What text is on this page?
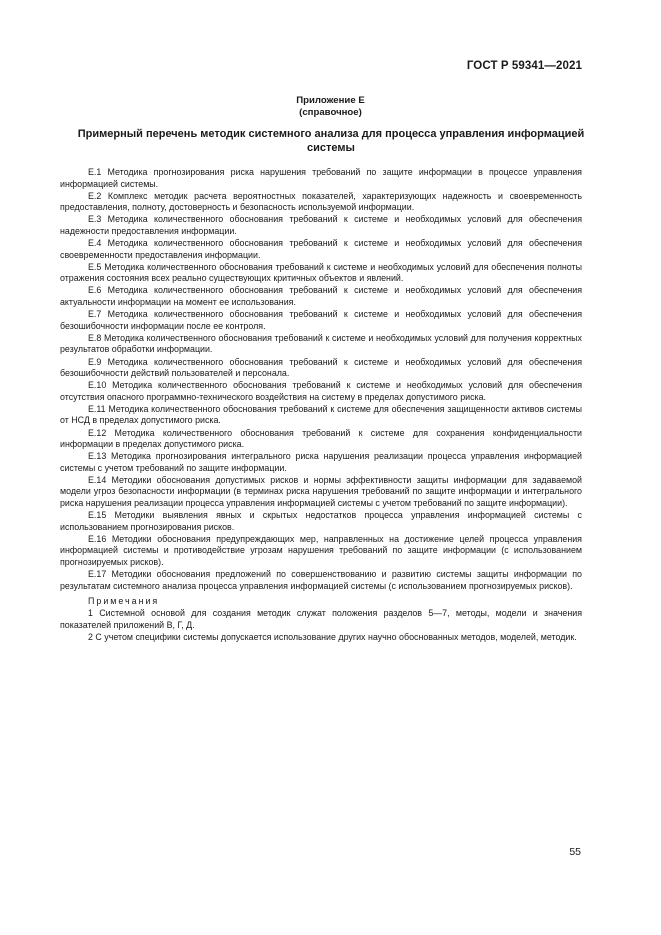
ГОСТ Р 59341—2021
Приложение Е
(справочное)
Примерный перечень методик системного анализа для процесса управления информацией системы

Е.1 Методика прогнозирования риска нарушения требований по защите информации в процессе управления информацией системы.

Е.2 Комплекс методик расчета вероятностных показателей, характеризующих надежность и своевременность предоставления, полноту, достоверность и безопасность используемой информации.

Е.3 Методика количественного обоснования требований к системе и необходимых условий для обеспечения надежности предоставления информации.

Е.4 Методика количественного обоснования требований к системе и необходимых условий для обеспечения своевременности предоставления информации.

Е.5 Методика количественного обоснования требований к системе и необходимых условий для обеспечения полноты отражения состояния всех реально существующих критичных объектов и явлений.

Е.6 Методика количественного обоснования требований к системе и необходимых условий для обеспечения актуальности информации на момент ее использования.

Е.7 Методика количественного обоснования требований к системе и необходимых условий для обеспечения безошибочности информации после ее контроля.

Е.8 Методика количественного обоснования требований к системе и необходимых условий для получения корректных результатов обработки информации.

Е.9 Методика количественного обоснования требований к системе и необходимых условий для обеспечения безошибочности действий пользователей и персонала.

Е.10 Методика количественного обоснования требований к системе и необходимых условий для обеспечения отсутствия опасного программно-технического воздействия на систему в пределах допустимого риска.

Е.11 Методика количественного обоснования требований к системе для обеспечения защищенности активов системы от НСД в пределах допустимого риска.

Е.12 Методика количественного обоснования требований к системе для сохранения конфиденциальности информации в пределах допустимого риска.

Е.13 Методика прогнозирования интегрального риска нарушения реализации процесса управления информацией системы с учетом требований по защите информации.

Е.14 Методики обоснования допустимых рисков и нормы эффективности защиты информации для задаваемой модели угроз безопасности информации (в терминах риска нарушения требований по защите информации и интегрального риска нарушения реализации процесса управления информацией системы с учетом требований по защите информации).

Е.15 Методики выявления явных и скрытых недостатков процесса управления информацией системы с использованием прогнозирования рисков.

Е.16 Методики обоснования предупреждающих мер, направленных на достижение целей процесса управления информацией системы и противодействие угрозам нарушения требований по защите информации (с использованием прогнозируемых рисков).

Е.17 Методики обоснования предложений по совершенствованию и развитию системы защиты информации по результатам системного анализа процесса управления информацией системы (с использованием прогнозируемых рисков).

Примечания

1 Системной основой для создания методик служат положения разделов 5—7, методы, модели и значения показателей приложений В, Г, Д.

2 С учетом специфики системы допускается использование других научно обоснованных методов, моделей, методик.

55
